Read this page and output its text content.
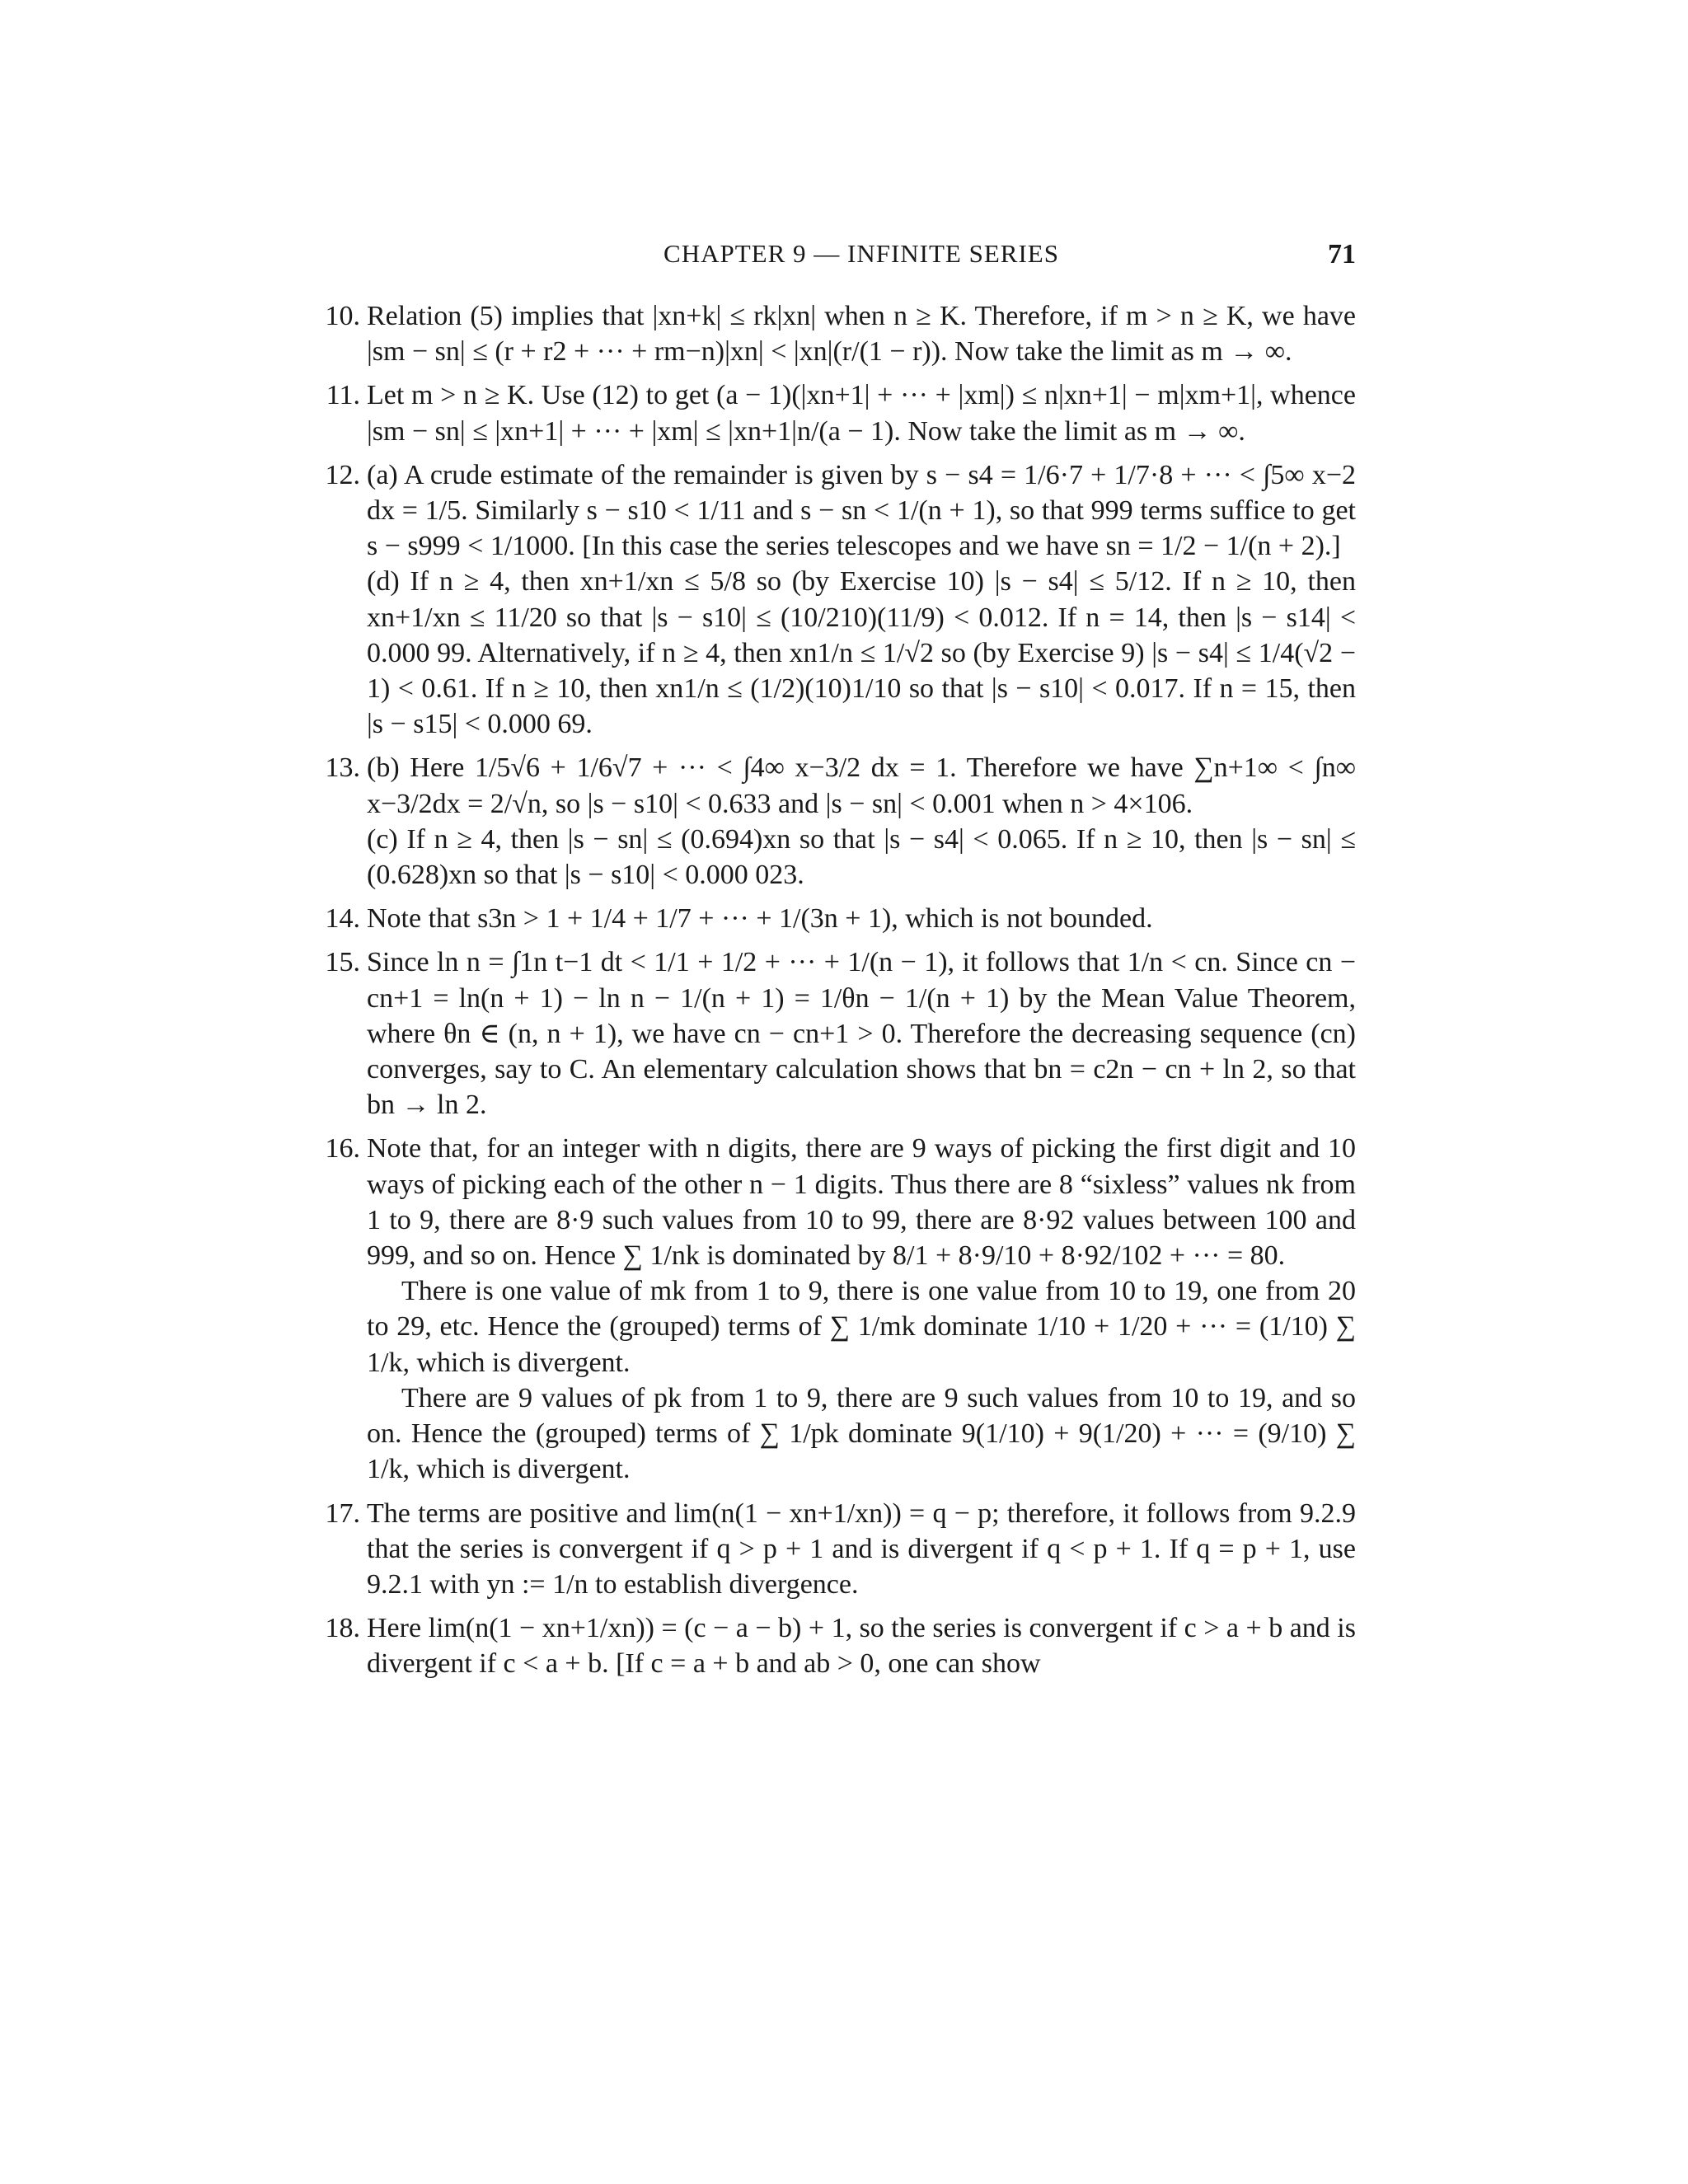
CHAPTER 9 — INFINITE SERIES	71
10. Relation (5) implies that |xn+k| ≤ rk|xn| when n ≥ K. Therefore, if m > n ≥ K, we have |sm − sn| ≤ (r + r2 + ··· + rm−n)|xn| < |xn|(r/(1 − r)). Now take the limit as m → ∞.
11. Let m > n ≥ K. Use (12) to get (a − 1)(|xn+1| + ··· + |xm|) ≤ n|xn+1| − m|xm+1|, whence |sm − sn| ≤ |xn+1| + ··· + |xm| ≤ |xn+1|n/(a − 1). Now take the limit as m → ∞.
12. (a) A crude estimate of the remainder is given by s − s4 = 1/6·7 + 1/7·8 + ··· < ∫5∞ x−2 dx = 1/5. Similarly s − s10 < 1/11 and s − sn < 1/(n + 1), so that 999 terms suffice to get s − s999 < 1/1000. [In this case the series telescopes and we have sn = 1/2 − 1/(n + 2).]
(d) If n ≥ 4, then xn+1/xn ≤ 5/8 so (by Exercise 10) |s − s4| ≤ 5/12. If n ≥ 10, then xn+1/xn ≤ 11/20 so that |s − s10| ≤ (10/210)(11/9) < 0.012. If n = 14, then |s − s14| < 0.000 99. Alternatively, if n ≥ 4, then xn1/n ≤ 1/√2 so (by Exercise 9) |s − s4| ≤ 1/4(√2 − 1) < 0.61. If n ≥ 10, then xn1/n ≤ (1/2)(10)1/10 so that |s − s10| < 0.017. If n = 15, then |s − s15| < 0.000 69.
13. (b) Here 1/5√6 + 1/6√7 + ··· < ∫4∞ x−3/2 dx = 1. Therefore we have ∑n+1∞ < ∫n∞ x−3/2dx = 2/√n, so |s − s10| < 0.633 and |s − sn| < 0.001 when n > 4×106.
(c) If n ≥ 4, then |s − sn| ≤ (0.694)xn so that |s − s4| < 0.065. If n ≥ 10, then |s − sn| ≤ (0.628)xn so that |s − s10| < 0.000 023.
14. Note that s3n > 1 + 1/4 + 1/7 + ··· + 1/(3n + 1), which is not bounded.
15. Since ln n = ∫1n t−1 dt < 1/1 + 1/2 + ··· + 1/(n − 1), it follows that 1/n < cn. Since cn − cn+1 = ln(n + 1) − ln n − 1/(n + 1) = 1/θn − 1/(n + 1) by the Mean Value Theorem, where θn ∈ (n, n + 1), we have cn − cn+1 > 0. Therefore the decreasing sequence (cn) converges, say to C. An elementary calculation shows that bn = c2n − cn + ln 2, so that bn → ln 2.
16. Note that, for an integer with n digits, there are 9 ways of picking the first digit and 10 ways of picking each of the other n − 1 digits. Thus there are 8 “sixless” values nk from 1 to 9, there are 8·9 such values from 10 to 99, there are 8·92 values between 100 and 999, and so on. Hence ∑ 1/nk is dominated by 8/1 + 8·9/10 + 8·92/102 + ··· = 80.
There is one value of mk from 1 to 9, there is one value from 10 to 19, one from 20 to 29, etc. Hence the (grouped) terms of ∑ 1/mk dominate 1/10 + 1/20 + ··· = (1/10) ∑ 1/k, which is divergent.
There are 9 values of pk from 1 to 9, there are 9 such values from 10 to 19, and so on. Hence the (grouped) terms of ∑ 1/pk dominate 9(1/10) + 9(1/20) + ··· = (9/10) ∑ 1/k, which is divergent.
17. The terms are positive and lim(n(1 − xn+1/xn)) = q − p; therefore, it follows from 9.2.9 that the series is convergent if q > p + 1 and is divergent if q < p + 1. If q = p + 1, use 9.2.1 with yn := 1/n to establish divergence.
18. Here lim(n(1 − xn+1/xn)) = (c − a − b) + 1, so the series is convergent if c > a + b and is divergent if c < a + b. [If c = a + b and ab > 0, one can show
